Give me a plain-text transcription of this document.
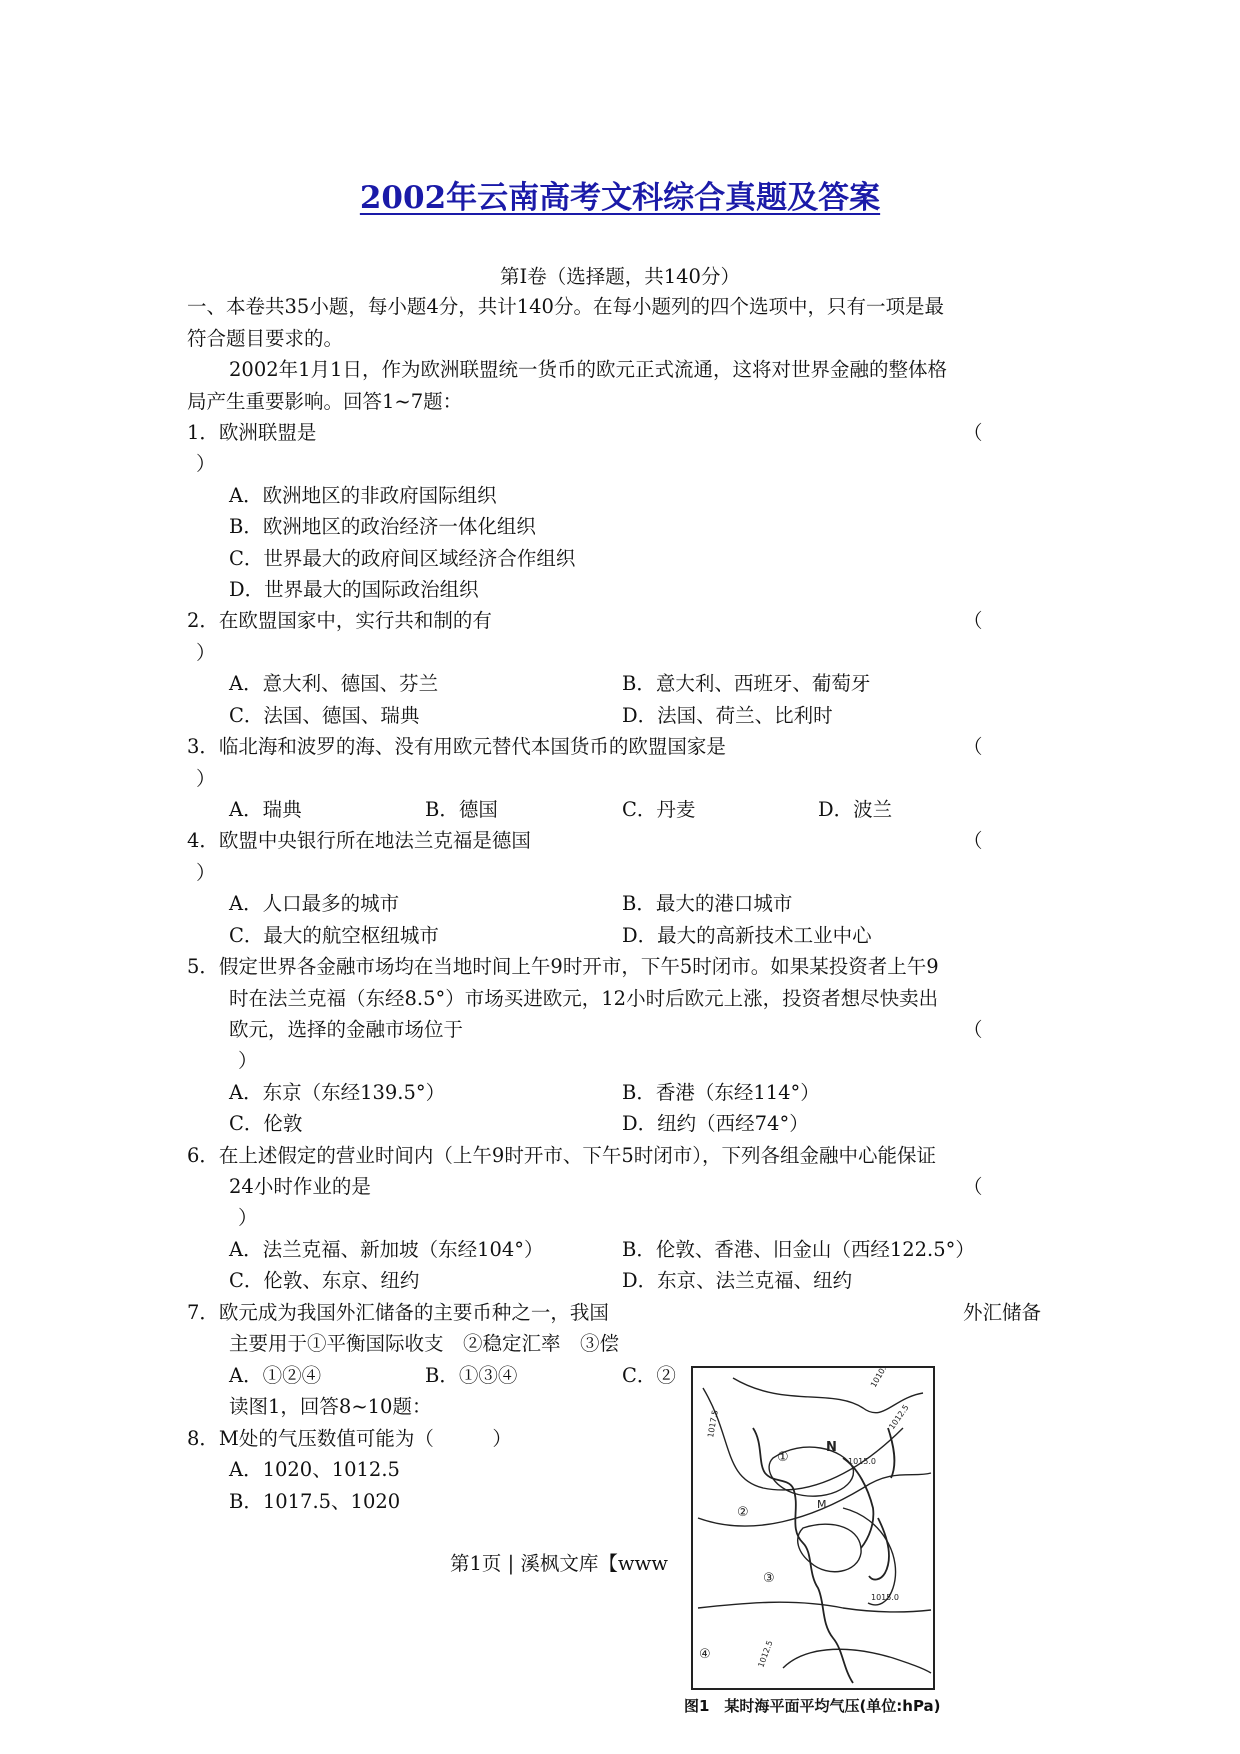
2002年云南高考文科综合真题及答案
第Ⅰ卷（选择题，共140分）
一、本卷共35小题，每小题4分，共计140分。在每小题列的四个选项中，只有一项是最
符合题目要求的。
2002年1月1日，作为欧洲联盟统一货币的欧元正式流通，这将对世界金融的整体格
局产生重要影响。回答1~7题：
1．欧洲联盟是	（
）
A．欧洲地区的非政府国际组织
B．欧洲地区的政治经济一体化组织
C．世界最大的政府间区域经济合作组织
D．世界最大的国际政治组织
2．在欧盟国家中，实行共和制的有	（
）
A．意大利、德国、芬兰	B．意大利、西班牙、葡萄牙
C．法国、德国、瑞典	D．法国、荷兰、比利时
3．临北海和波罗的海、没有用欧元替代本国货币的欧盟国家是	（
）
A．瑞典	B．德国	C．丹麦	D．波兰
4．欧盟中央银行所在地法兰克福是德国	（
）
A．人口最多的城市	B．最大的港口城市
C．最大的航空枢纽城市	D．最大的高新技术工业中心
5．假定世界各金融市场均在当地时间上午9时开市，下午5时闭市。如果某投资者上午9
时在法兰克福（东经8.5°）市场买进欧元，12小时后欧元上涨，投资者想尽快卖出
欧元，选择的金融市场位于	（
）
A．东京（东经139.5°）	B．香港（东经114°）
C．伦敦	D．纽约（西经74°）
6．在上述假定的营业时间内（上午9时开市、下午5时闭市），下列各组金融中心能保证
24小时作业的是	（
）
A．法兰克福、新加坡（东经104°）	B．伦敦、香港、旧金山（西经122.5°）
C．伦敦、东京、纽约	D．东京、法兰克福、纽约
7．欧元成为我国外汇储备的主要币种之一，我国	外汇储备
主要用于①平衡国际收支　②稳定汇率　③偿
A．①②④	B．①③④	C．②
读图1，回答8~10题：
8．M处的气压数值可能为（　　　）
A．1020、1012.5
B．1017.5、1020
第1页 | 溪枫文库【www
1010.0
1012.5
1015.0
1017.5
1015.0
1012.5
①
②
③
④
N
M
图1　某时海平面平均气压(单位:hPa)
